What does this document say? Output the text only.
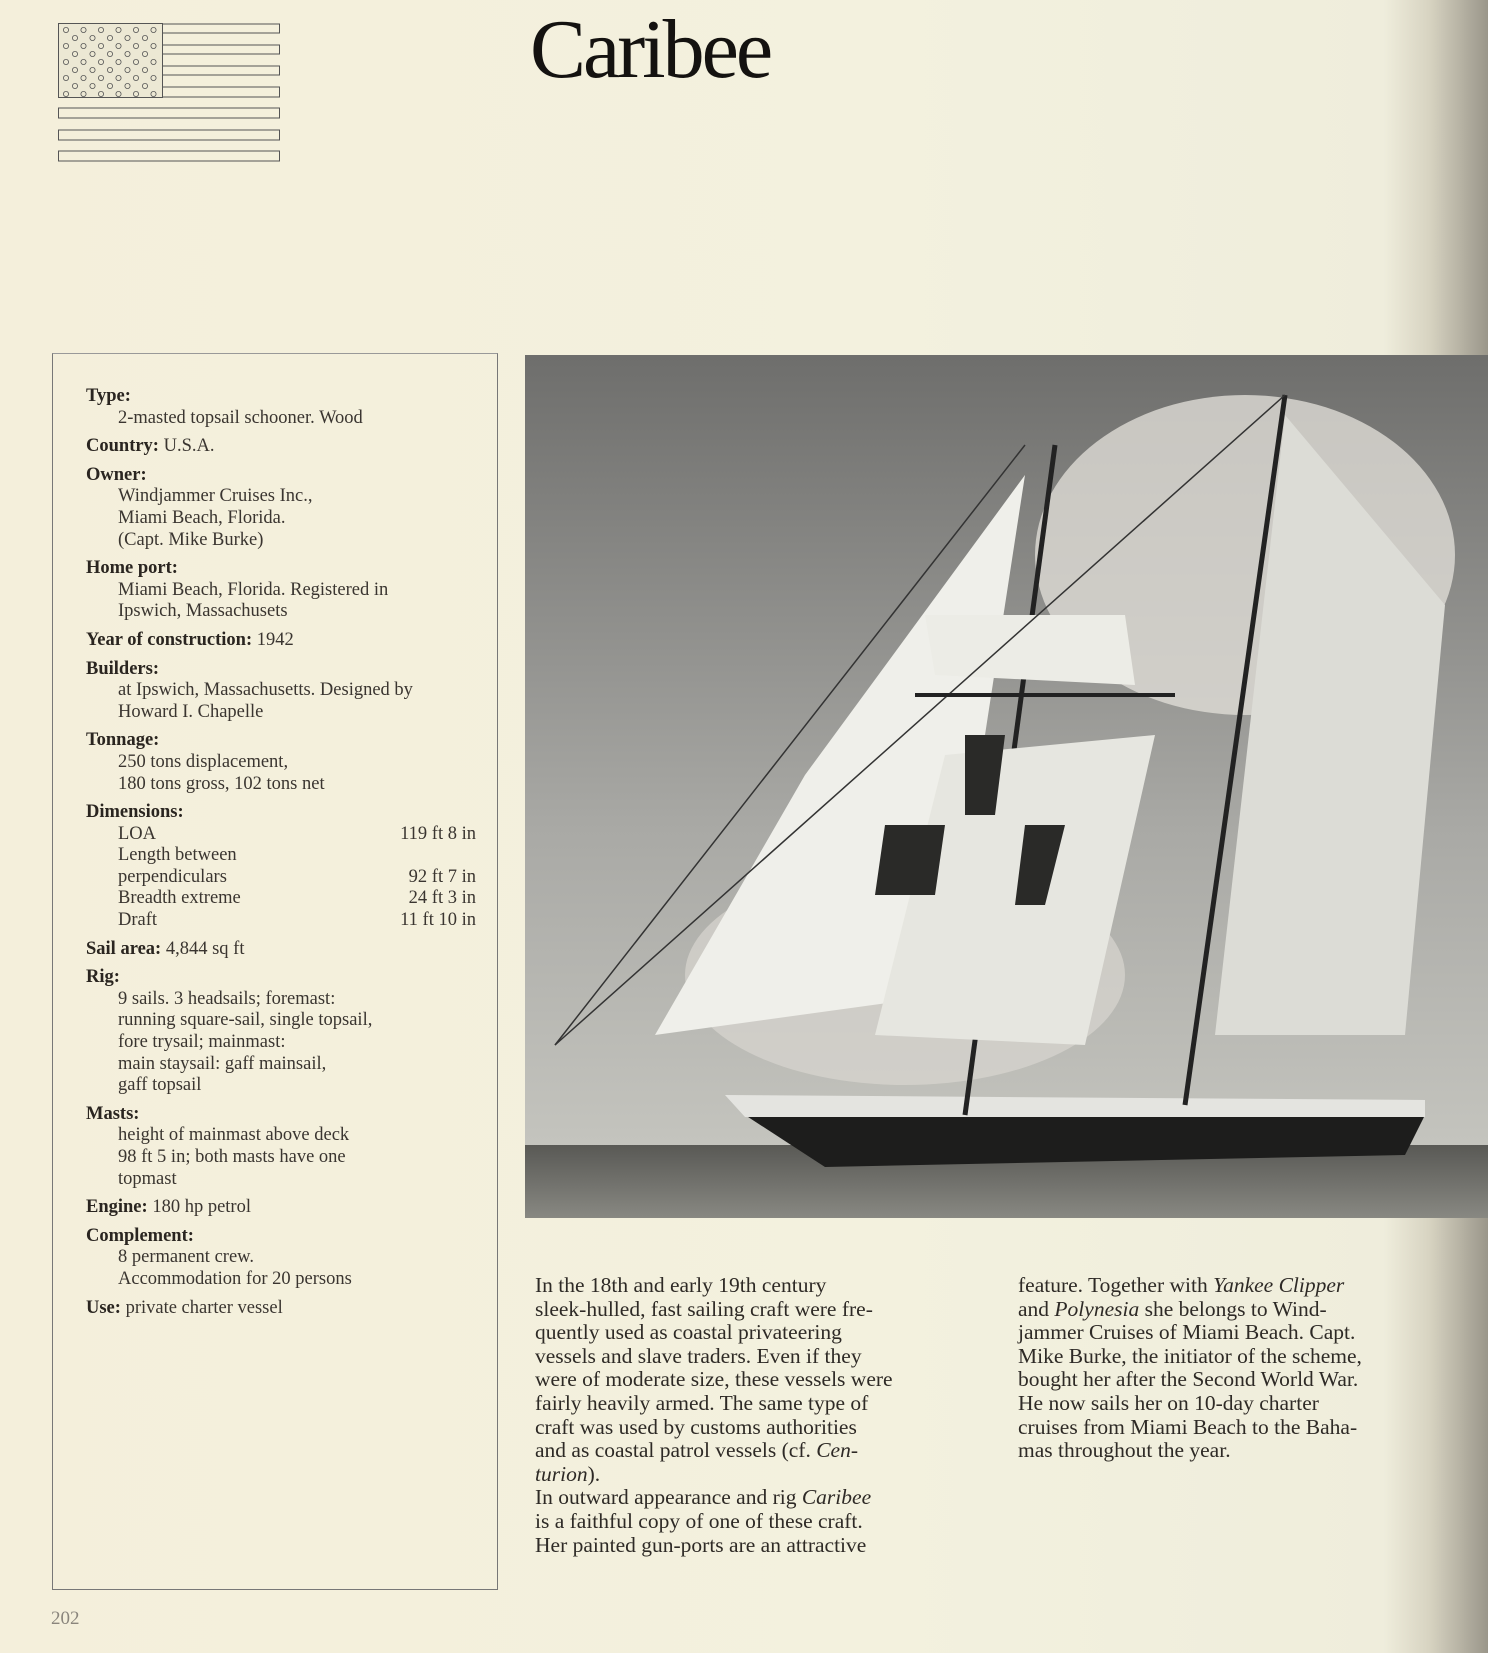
Caribee
Type:
2-masted topsail schooner. Wood
Country: U.S.A.
Owner:
Windjammer Cruises Inc.,
Miami Beach, Florida.
(Capt. Mike Burke)
Home port:
Miami Beach, Florida. Registered in
Ipswich, Massachusets
Year of construction: 1942
Builders:
at Ipswich, Massachusetts. Designed by
Howard I. Chapelle
Tonnage:
250 tons displacement,
180 tons gross, 102 tons net
Dimensions:
LOA	119 ft 8 in
Length between
perpendiculars	92 ft 7 in
Breadth extreme	24 ft 3 in
Draft	11 ft 10 in
Sail area: 4,844 sq ft
Rig:
9 sails. 3 headsails; foremast:
running square-sail, single topsail,
fore trysail; mainmast:
main staysail: gaff mainsail,
gaff topsail
Masts:
height of mainmast above deck
98 ft 5 in; both masts have one
topmast
Engine: 180 hp petrol
Complement:
8 permanent crew.
Accommodation for 20 persons
Use: private charter vessel
In the 18th and early 19th century
sleek-hulled, fast sailing craft were fre-
quently used as coastal privateering
vessels and slave traders. Even if they
were of moderate size, these vessels were
fairly heavily armed. The same type of
craft was used by customs authorities
and as coastal patrol vessels (cf. Cen-
turion).
In outward appearance and rig Caribee
is a faithful copy of one of these craft.
Her painted gun-ports are an attractive
feature. Together with Yankee Clipper
and Polynesia she belongs to Wind-
jammer Cruises of Miami Beach. Capt.
Mike Burke, the initiator of the scheme,
bought her after the Second World War.
He now sails her on 10-day charter
cruises from Miami Beach to the Baha-
mas throughout the year.
202
